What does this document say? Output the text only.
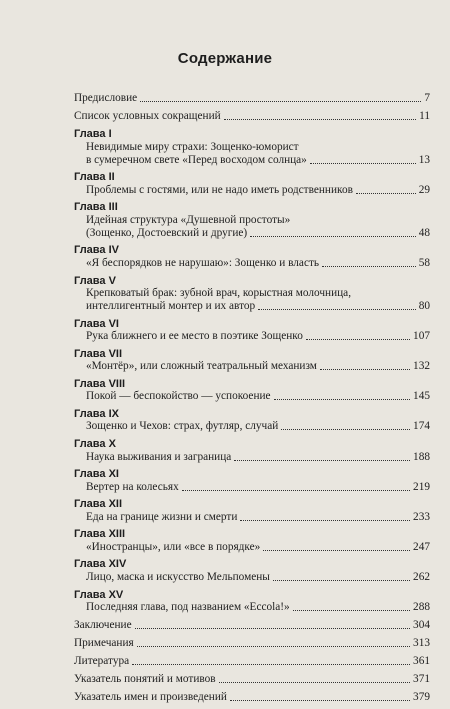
Содержание
Предисловие	7
Список условных сокращений	11
Глава I
Невидимые миру страхи: Зощенко-юморист
в сумеречном свете «Перед восходом солнца»	13
Глава II
Проблемы с гостями, или не надо иметь родственников	29
Глава III
Идейная структура «Душевной простоты»
(Зощенко, Достоевский и другие)	48
Глава IV
«Я беспорядков не нарушаю»: Зощенко и власть	58
Глава V
Крепковатый брак: зубной врач, корыстная молочница,
интеллигентный монтер и их автор	80
Глава VI
Рука ближнего и ее место в поэтике Зощенко	107
Глава VII
«Монтёр», или сложный театральный механизм	132
Глава VIII
Покой — беспокойство — успокоение	145
Глава IX
Зощенко и Чехов: страх, футляр, случай	174
Глава X
Наука выживания и заграница	188
Глава XI
Вертер на колесьях	219
Глава XII
Еда на границе жизни и смерти	233
Глава XIII
«Иностранцы», или «все в порядке»	247
Глава XIV
Лицо, маска и искусство Мельпомены	262
Глава XV
Последняя глава, под названием «Eccola!»	288
Заключение	304
Примечания	313
Литература	361
Указатель понятий и мотивов	371
Указатель имен и произведений	379
